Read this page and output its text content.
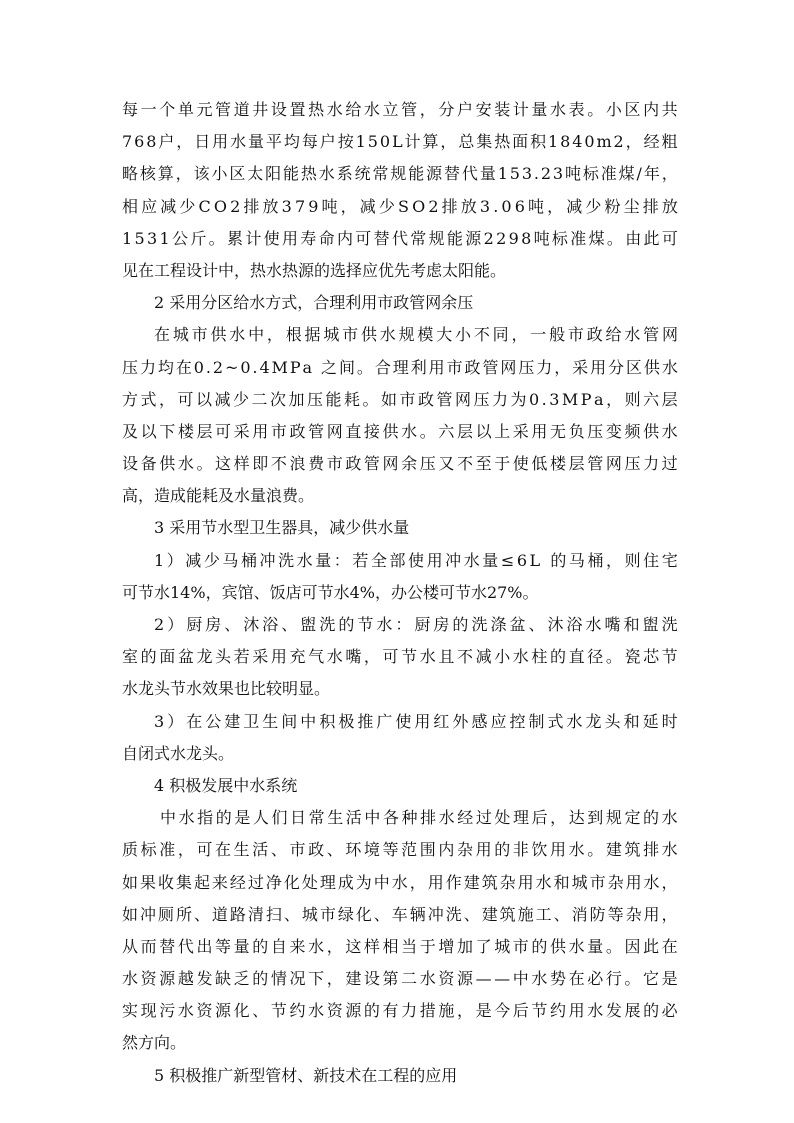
每 一 个 单 元 管 道 井 设 置 热 水 给 水 立 管 ， 分 户 安 装 计 量 水 表 。 小 区 内 共
7 6 8 户 ， 日 用 水 量 平 均 每 户 按 1 5 0 L 计 算 ， 总 集 热 面 积 1 8 4 0 m 2 ， 经 粗
略 核 算 ， 该 小 区 太 阳 能 热 水 系 统 常 规 能 源 替 代 量 1 5 3 . 2 3 吨 标 准 煤 / 年 ，
相 应 减 少 C O 2 排 放 3 7 9 吨 ， 减 少 S O 2 排 放 3 . 0 6 吨 ， 减 少 粉 尘 排 放
1 5 3 1 公 斤 。 累 计 使 用 寿 命 内 可 替 代 常 规 能 源 2 2 9 8 吨 标 准 煤 。 由 此 可
见在工程设计中，热水热源的选择应优先考虑太阳能。
2 采用分区给水方式，合理利用市政管网余压
在 城 市 供 水 中 ， 根 据 城 市 供 水 规 模 大 小 不 同 ， 一 般 市 政 给 水 管 网
压 力 均 在 0 . 2 ~ 0 . 4 M P a
之 间 。 合 理 利 用 市 政 管 网 压 力 ， 采 用 分 区 供 水
方 式 ， 可 以 减 少 二 次 加 压 能 耗 。 如 市 政 管 网 压 力 为 0 . 3 M P a ， 则 六 层
及 以 下 楼 层 可 采 用 市 政 管 网 直 接 供 水 。 六 层 以 上 采 用 无 负 压 变 频 供 水
设 备 供 水 。 这 样 即 不 浪 费 市 政 管 网 余 压 又 不 至 于 使 低 楼 层 管 网 压 力 过
高，造成能耗及水量浪费。
3 采用节水型卫生器具，减少供水量
1 ） 减 少 马 桶 冲 洗 水 量 ： 若 全 部 使 用 冲 水 量 ≤ 6 L
的 马 桶 ， 则 住 宅
可节水14%，宾馆、饭店可节水4%，办公楼可节水27%。
2 ） 厨 房 、 沐 浴 、 盥 洗 的 节 水 ： 厨 房 的 洗 涤 盆 、 沐 浴 水 嘴 和 盥 洗
室 的 面 盆 龙 头 若 采 用 充 气 水 嘴 ， 可 节 水 且 不 减 小 水 柱 的 直 径 。 瓷 芯 节
水龙头节水效果也比较明显。
3 ） 在 公 建 卫 生 间 中 积 极 推 广 使 用 红 外 感 应 控 制 式 水 龙 头 和 延 时
自闭式水龙头。
4 积极发展中水系统
中 水 指 的 是 人 们 日 常 生 活 中 各 种 排 水 经 过 处 理 后 ， 达 到 规 定 的 水
质 标 准 ， 可 在 生 活 、 市 政 、 环 境 等 范 围 内 杂 用 的 非 饮 用 水 。 建 筑 排 水
如 果 收 集 起 来 经 过 净 化 处 理 成 为 中 水 ， 用 作 建 筑 杂 用 水 和 城 市 杂 用 水 ，
如 冲 厕 所 、 道 路 清 扫 、 城 市 绿 化 、 车 辆 冲 洗 、 建 筑 施 工 、 消 防 等 杂 用 ，
从 而 替 代 出 等 量 的 自 来 水 ， 这 样 相 当 于 增 加 了 城 市 的 供 水 量 。 因 此 在
水 资 源 越 发 缺 乏 的 情 况 下 ， 建 设 第 二 水 资 源 — — 中 水 势 在 必 行 。 它 是
实 现 污 水 资 源 化 、 节 约 水 资 源 的 有 力 措 施 ， 是 今 后 节 约 用 水 发 展 的 必
然方向。
5 积极推广新型管材、新技术在工程的应用
